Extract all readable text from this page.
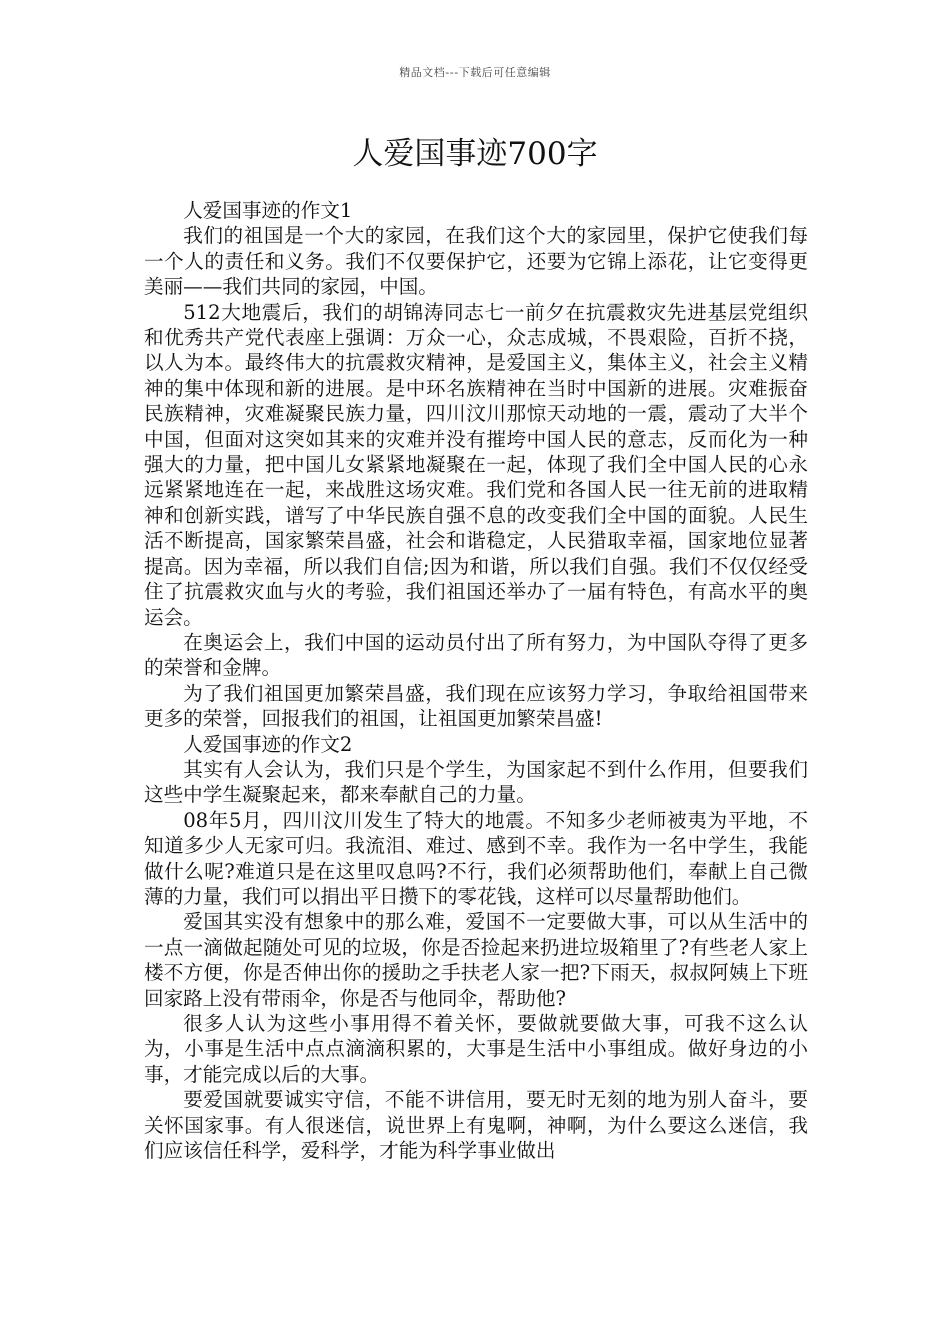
精品文档---下载后可任意编辑
人爱国事迹700字

人爱国事迹的作文1

我们的祖国是一个大的家园，在我们这个大的家园里，保护它使我们每一个人的责任和义务。我们不仅要保护它，还要为它锦上添花，让它变得更美丽——我们共同的家园，中国。

512大地震后，我们的胡锦涛同志七一前夕在抗震救灾先进基层党组织和优秀共产党代表座上强调：万众一心，众志成城，不畏艰险，百折不挠，以人为本。最终伟大的抗震救灾精神，是爱国主义，集体主义，社会主义精神的集中体现和新的进展。是中环名族精神在当时中国新的进展。灾难振奋民族精神，灾难凝聚民族力量，四川汶川那惊天动地的一震，震动了大半个中国，但面对这突如其来的灾难并没有摧垮中国人民的意志，反而化为一种强大的力量，把中国儿女紧紧地凝聚在一起，体现了我们全中国人民的心永远紧紧地连在一起，来战胜这场灾难。我们党和各国人民一往无前的进取精神和创新实践，谱写了中华民族自强不息的改变我们全中国的面貌。人民生活不断提高，国家繁荣昌盛，社会和谐稳定，人民猎取幸福，国家地位显著提高。因为幸福，所以我们自信;因为和谐，所以我们自强。我们不仅仅经受住了抗震救灾血与火的考验，我们祖国还举办了一届有特色，有高水平的奥运会。

在奥运会上，我们中国的运动员付出了所有努力，为中国队夺得了更多的荣誉和金牌。

为了我们祖国更加繁荣昌盛，我们现在应该努力学习，争取给祖国带来更多的荣誉，回报我们的祖国，让祖国更加繁荣昌盛!

人爱国事迹的作文2

其实有人会认为，我们只是个学生，为国家起不到什么作用，但要我们这些中学生凝聚起来，都来奉献自己的力量。

08年5月，四川汶川发生了特大的地震。不知多少老师被夷为平地，不知道多少人无家可归。我流泪、难过、感到不幸。我作为一名中学生，我能做什么呢?难道只是在这里叹息吗?不行，我们必须帮助他们，奉献上自己微薄的力量，我们可以捐出平日攒下的零花钱，这样可以尽量帮助他们。

爱国其实没有想象中的那么难，爱国不一定要做大事，可以从生活中的一点一滴做起随处可见的垃圾，你是否捡起来扔进垃圾箱里了?有些老人家上楼不方便，你是否伸出你的援助之手扶老人家一把?下雨天，叔叔阿姨上下班回家路上没有带雨伞，你是否与他同伞，帮助他?

很多人认为这些小事用得不着关怀，要做就要做大事，可我不这么认为，小事是生活中点点滴滴积累的，大事是生活中小事组成。做好身边的小事，才能完成以后的大事。

要爱国就要诚实守信，不能不讲信用，要无时无刻的地为别人奋斗，要关怀国家事。有人很迷信，说世界上有鬼啊，神啊，为什么要这么迷信，我们应该信任科学，爱科学，才能为科学事业做出
